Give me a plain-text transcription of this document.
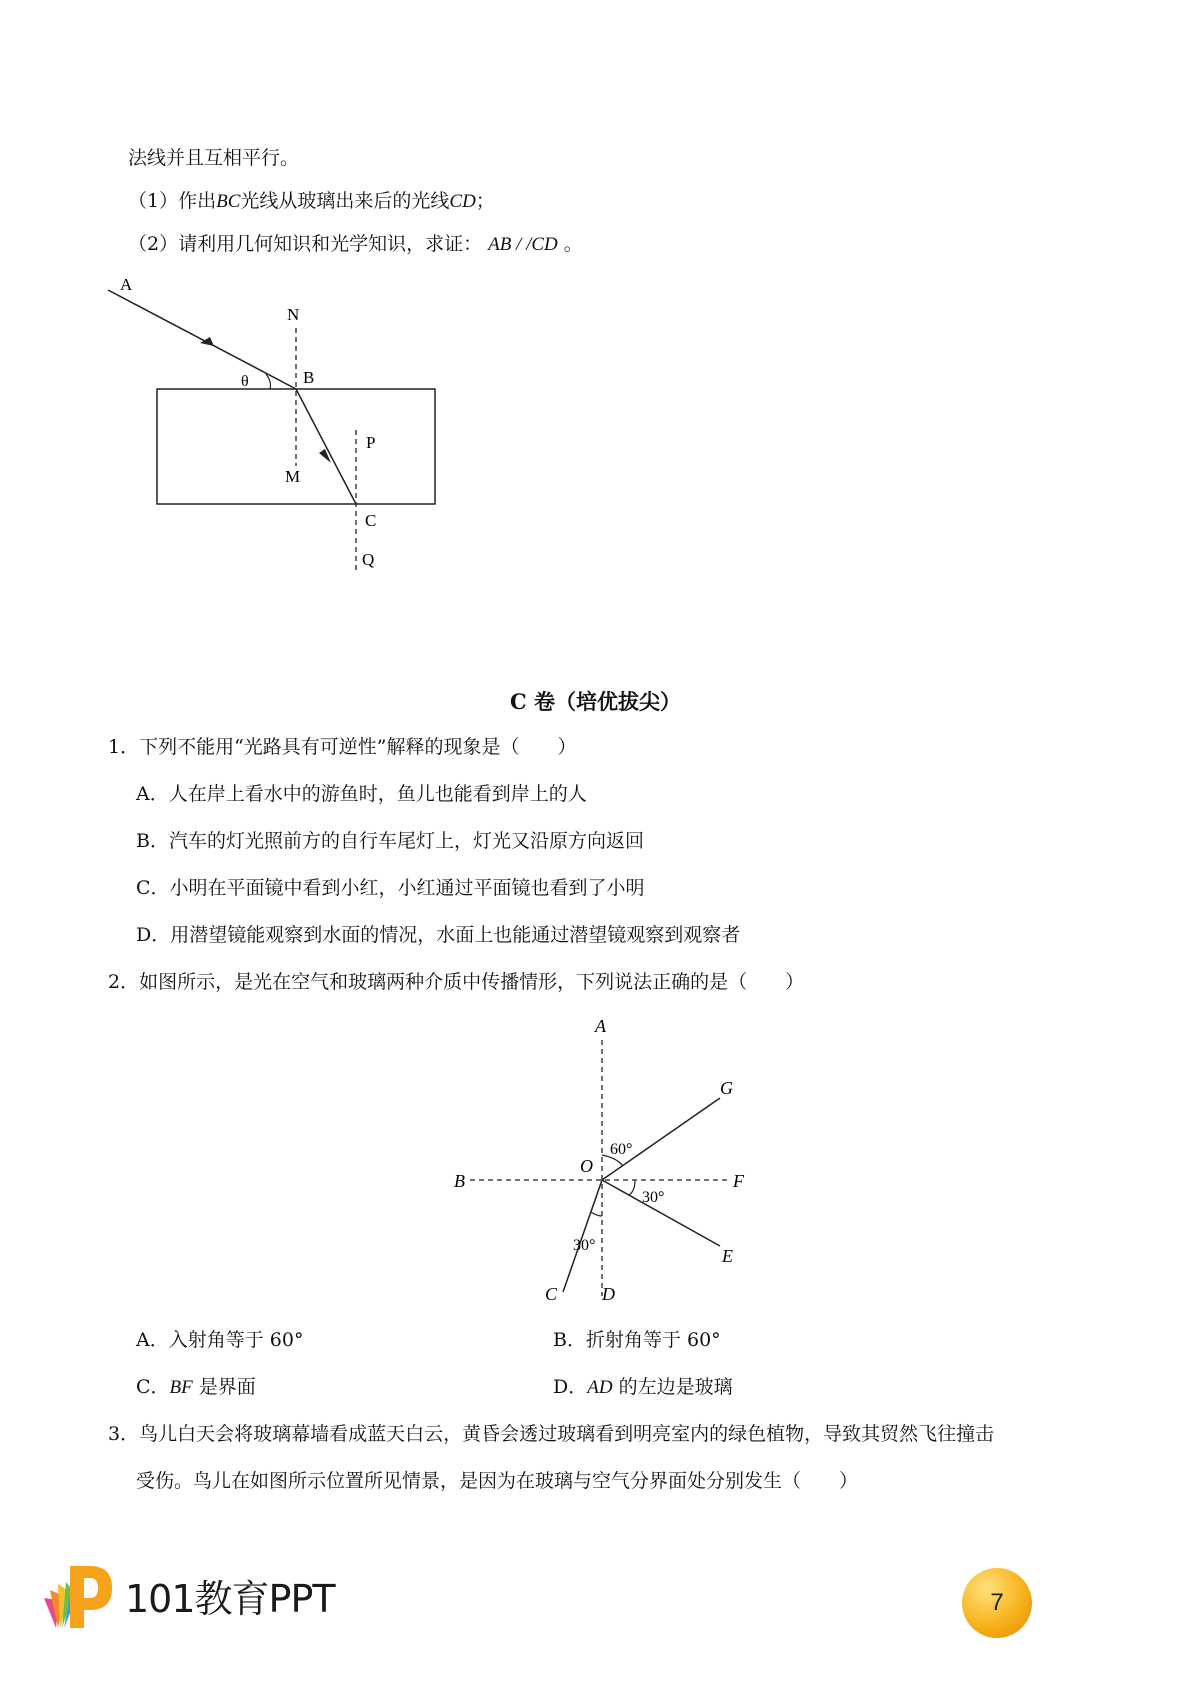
法线并且互相平行。
（1）作出BC光线从玻璃出来后的光线CD；
（2）请利用几何知识和光学知识，求证： AB / /CD 。
A
N
θ	B
P
M
C
Q
C 卷（培优拔尖）
1．下列不能用“光路具有可逆性”解释的现象是（　　）
A．人在岸上看水中的游鱼时，鱼儿也能看到岸上的人
B．汽车的灯光照前方的自行车尾灯上，灯光又沿原方向返回
C．小明在平面镜中看到小红，小红通过平面镜也看到了小明
D．用潜望镜能观察到水面的情况，水面上也能通过潜望镜观察到观察者
2．如图所示，是光在空气和玻璃两种介质中传播情形，下列说法正确的是（　　）
A
G
60°
O
B	F
30°
30°
E
C D
A．入射角等于 60°	B．折射角等于 60°
C．BF 是界面	D．AD 的左边是玻璃
3．鸟儿白天会将玻璃幕墙看成蓝天白云，黄昏会透过玻璃看到明亮室内的绿色植物，导致其贸然飞往撞击
受伤。鸟儿在如图所示位置所见情景，是因为在玻璃与空气分界面处分别发生（　　）
101教育PPT	7
